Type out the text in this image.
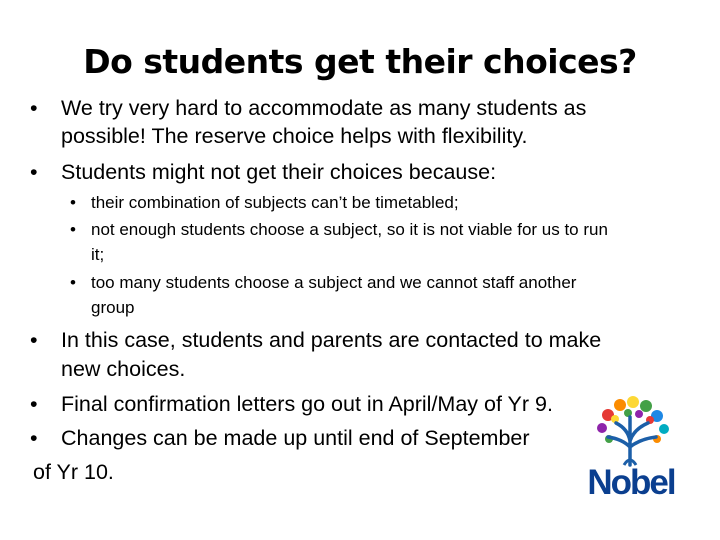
Do students get their choices?
• We try very hard to accommodate as many students as
possible! The reserve choice helps with flexibility.
• Students might not get their choices because:
• their combination of subjects can’t be timetabled;
• not enough students choose a subject, so it is not viable for us to run
it;
• too many students choose a subject and we cannot staff another
group
• In this case, students and parents are contacted to make
new choices.
• Final confirmation letters go out in April/May of Yr 9.
• Changes can be made up until end of September
of Yr 10.	Nobel
